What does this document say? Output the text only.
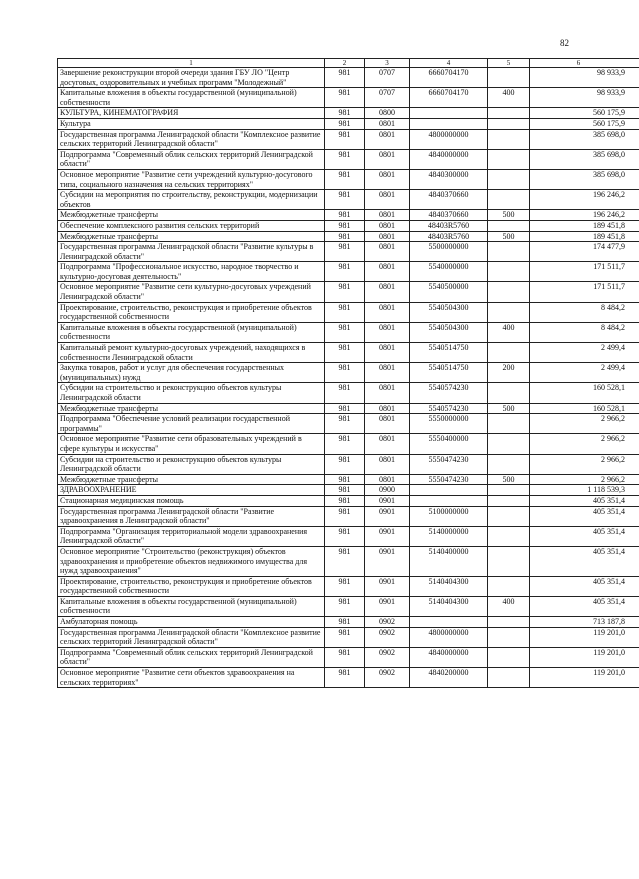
82
1	2	3	4	5	6
Завершение реконструкции второй очереди здания ГБУ ЛО "Центр досуговых, оздоровительных и учебных программ "Молодежный"	981	0707	6660704170		98 933,9
Капитальные вложения в объекты государственной (муниципальной) собственности	981	0707	6660704170	400	98 933,9
КУЛЬТУРА, КИНЕМАТОГРАФИЯ	981	0800			560 175,9
Культура	981	0801			560 175,9
Государственная программа Ленинградской области "Комплексное развитие сельских территорий Ленинградской области"	981	0801	4800000000		385 698,0
Подпрограмма "Современный облик сельских территорий Ленинградской области"	981	0801	4840000000		385 698,0
Основное мероприятие "Развитие сети учреждений культурно-досугового типа, социального назначения на сельских территориях"	981	0801	4840300000		385 698,0
Субсидии на мероприятия по строительству, реконструкции, модернизации объектов	981	0801	4840370660		196 246,2
Межбюджетные трансферты	981	0801	4840370660	500	196 246,2
Обеспечение комплексного развития сельских территорий	981	0801	48403R5760		189 451,8
Межбюджетные трансферты	981	0801	48403R5760	500	189 451,8
Государственная программа Ленинградской области "Развитие культуры в Ленинградской области"	981	0801	5500000000		174 477,9
Подпрограмма "Профессиональное искусство, народное творчество и культурно-досуговая деятельность"	981	0801	5540000000		171 511,7
Основное мероприятие "Развитие сети культурно-досуговых учреждений Ленинградской области"	981	0801	5540500000		171 511,7
Проектирование, строительство, реконструкция и приобретение объектов государственной собственности	981	0801	5540504300		8 484,2
Капитальные вложения в объекты государственной (муниципальной) собственности	981	0801	5540504300	400	8 484,2
Капитальный ремонт культурно-досуговых учреждений, находящихся в собственности Ленинградской области	981	0801	5540514750		2 499,4
Закупка товаров, работ и услуг для обеспечения государственных (муниципальных) нужд	981	0801	5540514750	200	2 499,4
Субсидии на строительство и реконструкцию объектов культуры Ленинградской области	981	0801	5540574230		160 528,1
Межбюджетные трансферты	981	0801	5540574230	500	160 528,1
Подпрограмма "Обеспечение условий реализации государственной программы"	981	0801	5550000000		2 966,2
Основное мероприятие "Развитие сети образовательных учреждений в сфере культуры и искусства"	981	0801	5550400000		2 966,2
Субсидии на строительство и реконструкцию объектов культуры Ленинградской области	981	0801	5550474230		2 966,2
Межбюджетные трансферты	981	0801	5550474230	500	2 966,2
ЗДРАВООХРАНЕНИЕ	981	0900			1 118 539,3
Стационарная медицинская помощь	981	0901			405 351,4
Государственная программа Ленинградской области "Развитие здравоохранения в Ленинградской области"	981	0901	5100000000		405 351,4
Подпрограмма "Организация территориальной модели здравоохранения Ленинградской области"	981	0901	5140000000		405 351,4
Основное мероприятие "Строительство (реконструкция) объектов здравоохранения и приобретение объектов недвижимого имущества для нужд здравоохранения"	981	0901	5140400000		405 351,4
Проектирование, строительство, реконструкция и приобретение объектов государственной собственности	981	0901	5140404300		405 351,4
Капитальные вложения в объекты государственной (муниципальной) собственности	981	0901	5140404300	400	405 351,4
Амбулаторная помощь	981	0902			713 187,8
Государственная программа Ленинградской области "Комплексное развитие сельских территорий Ленинградской области"	981	0902	4800000000		119 201,0
Подпрограмма "Современный облик сельских территорий Ленинградской области"	981	0902	4840000000		119 201,0
Основное мероприятие "Развитие сети объектов здравоохранения на сельских территориях"	981	0902	4840200000		119 201,0
